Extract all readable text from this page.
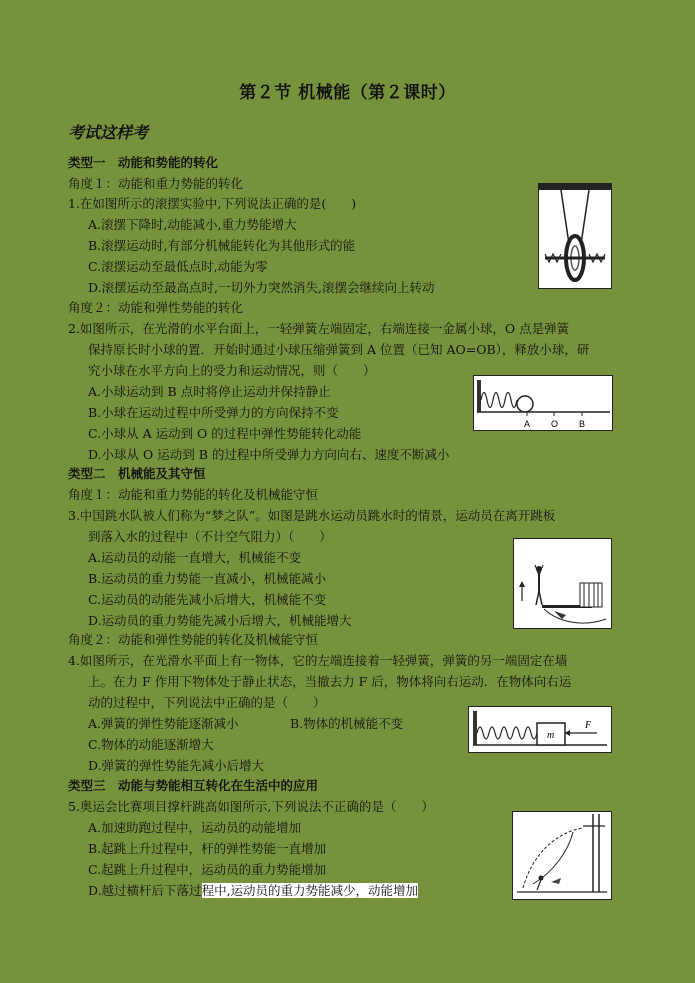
第２节 机械能（第２课时）
考试这样考
类型一　动能和势能的转化
角度１：动能和重力势能的转化
1.在如图所示的滚摆实验中,下列说法正确的是(　　)
A.滚摆下降时,动能减小,重力势能增大
B.滚摆运动时,有部分机械能转化为其他形式的能
C.滚摆运动至最低点时,动能为零
D.滚摆运动至最高点时,一切外力突然消失,滚摆会继续向上转动
角度２：动能和弹性势能的转化
2.如图所示，在光滑的水平台面上，一轻弹簧左端固定，右端连接一金属小球，O 点是弹簧
保持原长时小球的置．开始时通过小球压缩弹簧到 A 位置（已知 AO=OB），释放小球，研
究小球在水平方向上的受力和运动情况，则（　　）
A.小球运动到 B 点时将停止运动并保持静止
B.小球在运动过程中所受弹力的方向保持不变
C.小球从 A 运动到 O 的过程中弹性势能转化动能
D.小球从 O 运动到 B 的过程中所受弹力方向向右、速度不断减小
A O B
类型二　机械能及其守恒
角度１：动能和重力势能的转化及机械能守恒
3.中国跳水队被人们称为“梦之队”。如图是跳水运动员跳水时的情景，运动员在离开跳板
到落入水的过程中（不计空气阻力）（　　）
A.运动员的动能一直增大，机械能不变
B.运动员的重力势能一直减小，机械能减小
C.运动员的动能先减小后增大，机械能不变
D.运动员的重力势能先减小后增大，机械能增大
角度２：动能和弹性势能的转化及机械能守恒
4.如图所示，在光滑水平面上有一物体，它的左端连接着一轻弹簧，弹簧的另一端固定在墙
上。在力 F 作用下物体处于静止状态，当撤去力 F 后，物体将向右运动．在物体向右运
动的过程中，下列说法中正确的是（　　）
A.弹簧的弹性势能逐渐减小	B.物体的机械能不变
C.物体的动能逐渐增大
D.弹簧的弹性势能先减小后增大
m
F
类型三　动能与势能相互转化在生活中的应用
5.奥运会比赛项目撑杆跳高如图所示,下列说法不正确的是（　　）
A.加速助跑过程中，运动员的动能增加
B.起跳上升过程中，杆的弹性势能一直增加
C.起跳上升过程中，运动员的重力势能增加
D.越过横杆后下落过程中,运动员的重力势能减少，动能增加
